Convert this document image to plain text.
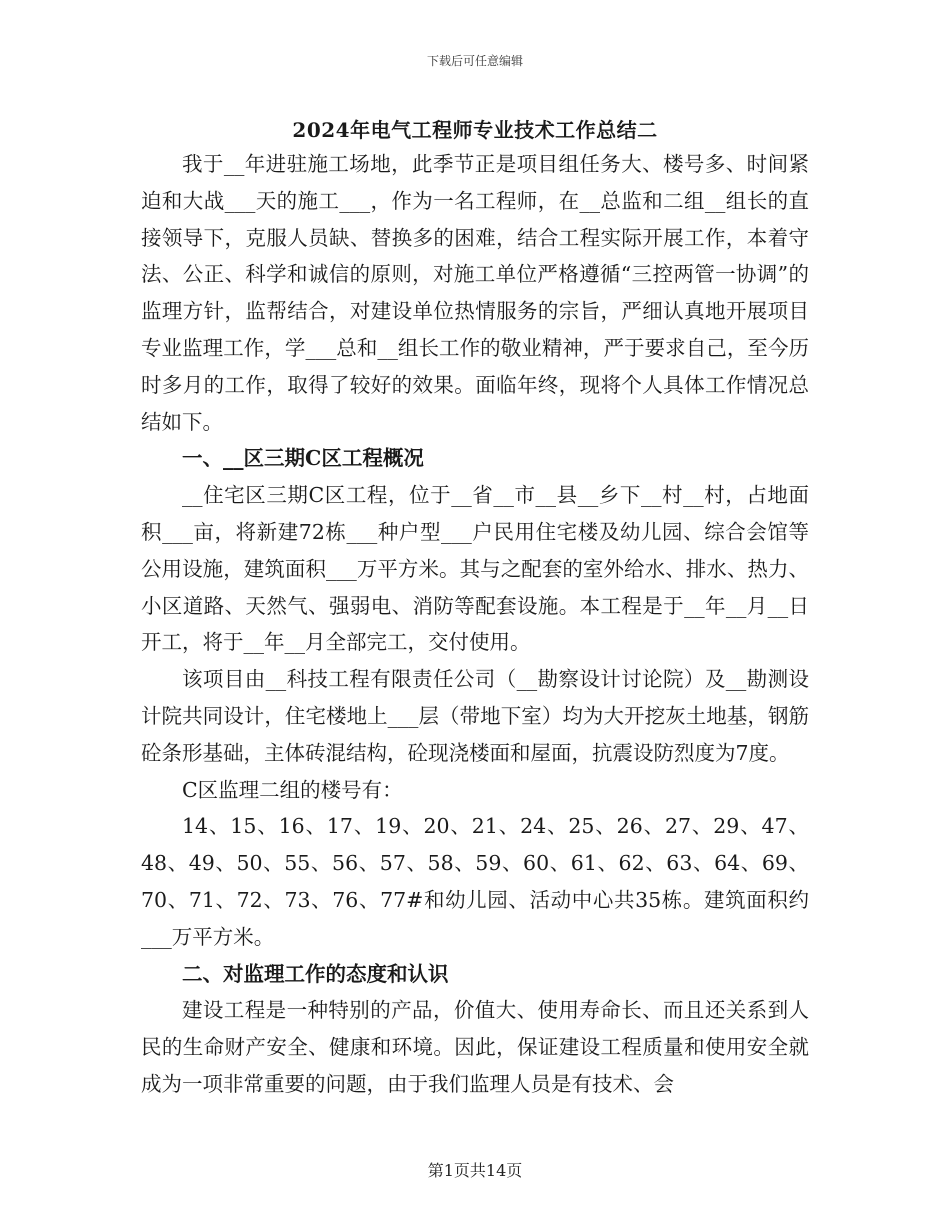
下载后可任意编辑
2024年电气工程师专业技术工作总结二

我于__年进驻施工场地，此季节正是项目组任务大、楼号多、时间紧迫和大战___天的施工___，作为一名工程师，在__总监和二组__组长的直接领导下，克服人员缺、替换多的困难，结合工程实际开展工作，本着守法、公正、科学和诚信的原则，对施工单位严格遵循“三控两管一协调”的监理方针，监帮结合，对建设单位热情服务的宗旨，严细认真地开展项目专业监理工作，学___总和__组长工作的敬业精神，严于要求自己，至今历时多月的工作，取得了较好的效果。面临年终，现将个人具体工作情况总结如下。

一、__区三期C区工程概况

__住宅区三期C区工程，位于__省__市__县__乡下__村__村，占地面积___亩，将新建72栋___种户型___户民用住宅楼及幼儿园、综合会馆等公用设施，建筑面积___万平方米。其与之配套的室外给水、排水、热力、小区道路、天然气、强弱电、消防等配套设施。本工程是于__年__月__日开工，将于__年__月全部完工，交付使用。

该项目由__科技工程有限责任公司（__勘察设计讨论院）及__勘测设计院共同设计，住宅楼地上___层（带地下室）均为大开挖灰土地基，钢筋砼条形基础，主体砖混结构，砼现浇楼面和屋面，抗震设防烈度为7度。

C区监理二组的楼号有：

14、15、16、17、19、20、21、24、25、26、27、29、47、48、49、50、55、56、57、58、59、60、61、62、63、64、69、70、71、72、73、76、77#和幼儿园、活动中心共35栋。建筑面积约___万平方米。

二、对监理工作的态度和认识

建设工程是一种特别的产品，价值大、使用寿命长、而且还关系到人民的生命财产安全、健康和环境。因此，保证建设工程质量和使用安全就成为一项非常重要的问题，由于我们监理人员是有技术、会

第1页共14页
